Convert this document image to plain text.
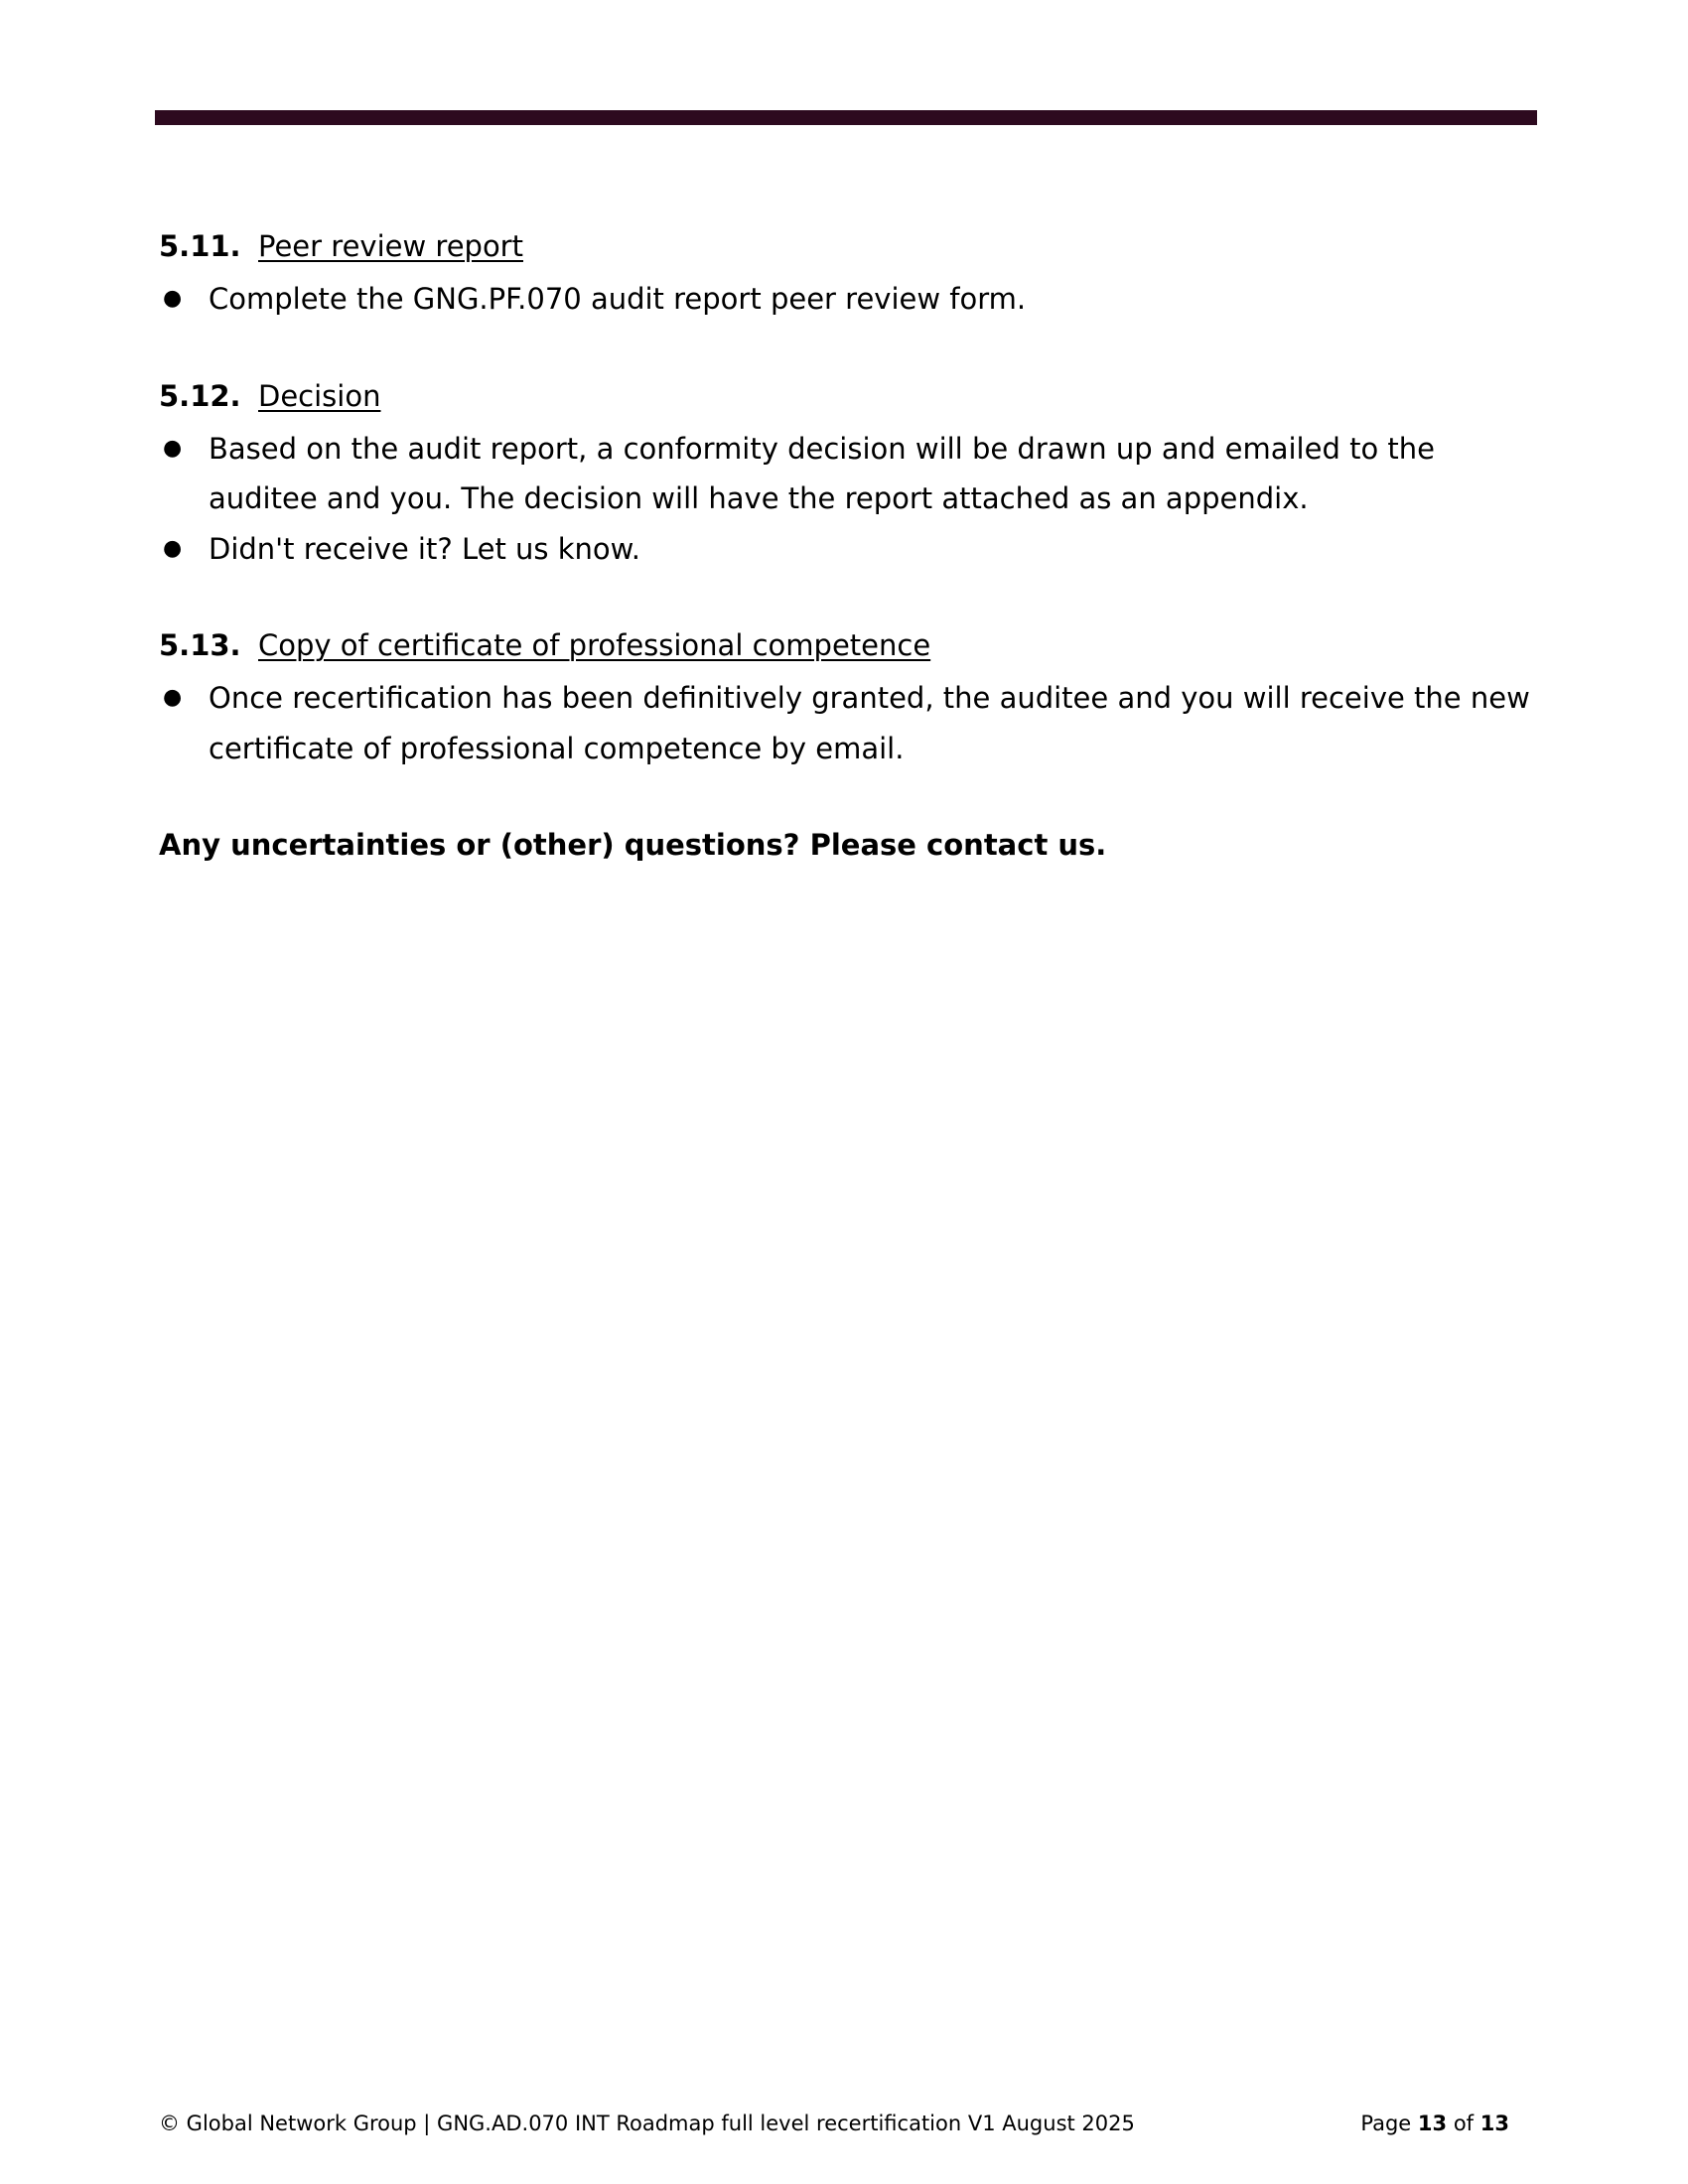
5.11. Peer review report
● Complete the GNG.PF.070 audit report peer review form.
5.12. Decision
● Based on the audit report, a conformity decision will be drawn up and emailed to the auditee and you. The decision will have the report attached as an appendix.
● Didn't receive it? Let us know.
5.13. Copy of certificate of professional competence
● Once recertification has been definitively granted, the auditee and you will receive the new certificate of professional competence by email.
Any uncertainties or (other) questions? Please contact us.
© Global Network Group | GNG.AD.070 INT Roadmap full level recertification V1 August 2025	Page 13 of 13
